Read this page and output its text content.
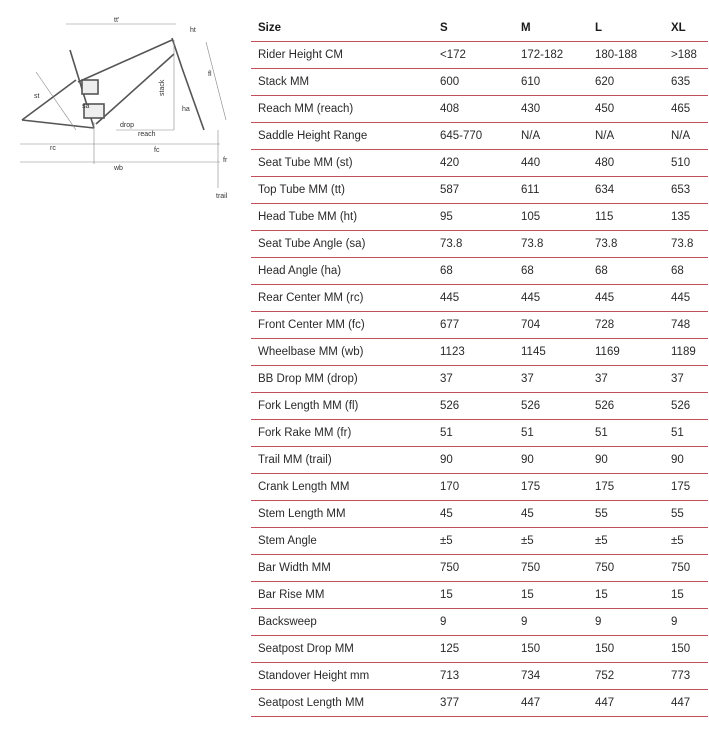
tt'
ht
fl
stack
st
sa	ha
drop
reach
rc	fc
wb
fr
trail
Size	S	M	L	XL
Rider Height CM	<172	172-182	180-188	>188
Stack MM	600	610	620	635
Reach MM (reach)	408	430	450	465
Saddle Height Range	645-770	N/A	N/A	N/A
Seat Tube MM (st)	420	440	480	510
Top Tube MM (tt)	587	611	634	653
Head Tube MM (ht)	95	105	115	135
Seat Tube Angle (sa)	73.8	73.8	73.8	73.8
Head Angle (ha)	68	68	68	68
Rear Center MM (rc)	445	445	445	445
Front Center MM (fc)	677	704	728	748
Wheelbase MM (wb)	1123	1145	1169	1189
BB Drop MM (drop)	37	37	37	37
Fork Length MM (fl)	526	526	526	526
Fork Rake MM (fr)	51	51	51	51
Trail MM (trail)	90	90	90	90
Crank Length MM	170	175	175	175
Stem Length MM	45	45	55	55
Stem Angle	±5	±5	±5	±5
Bar Width MM	750	750	750	750
Bar Rise MM	15	15	15	15
Backsweep	9	9	9	9
Seatpost Drop MM	125	150	150	150
Standover Height mm	713	734	752	773
Seatpost Length MM	377	447	447	447
